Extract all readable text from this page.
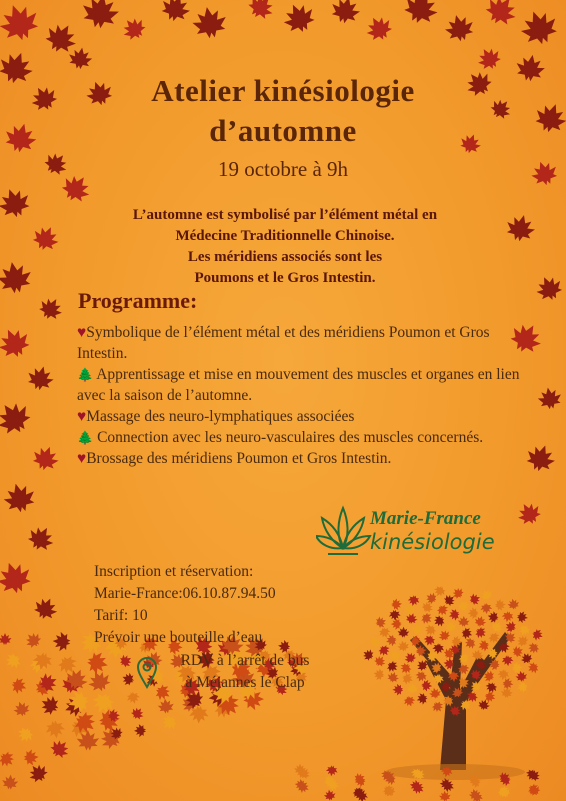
Atelier kinésiologie
d’automne
19 octobre à 9h
L’automne est symbolisé par l’élément métal en
Médecine Traditionnelle Chinoise.
Les méridiens associés sont les
Poumons et le Gros Intestin.
Programme:
♥Symbolique de l’élément métal et des méridiens Poumon et Gros Intestin.
🌲 Apprentissage et mise en mouvement des muscles et organes en lien avec la saison de l’automne.
♥Massage des neuro-lymphatiques associées
🌲 Connection avec les neuro-vasculaires des muscles concernés.
♥Brossage des méridiens Poumon et Gros Intestin.
Marie-France
kinésiologie
Inscription et réservation:
Marie-France:06.10.87.94.50
Tarif: 10
Prévoir une bouteille d’eau
RDV à l’arrêt de bus
à Méjannes le Clap
